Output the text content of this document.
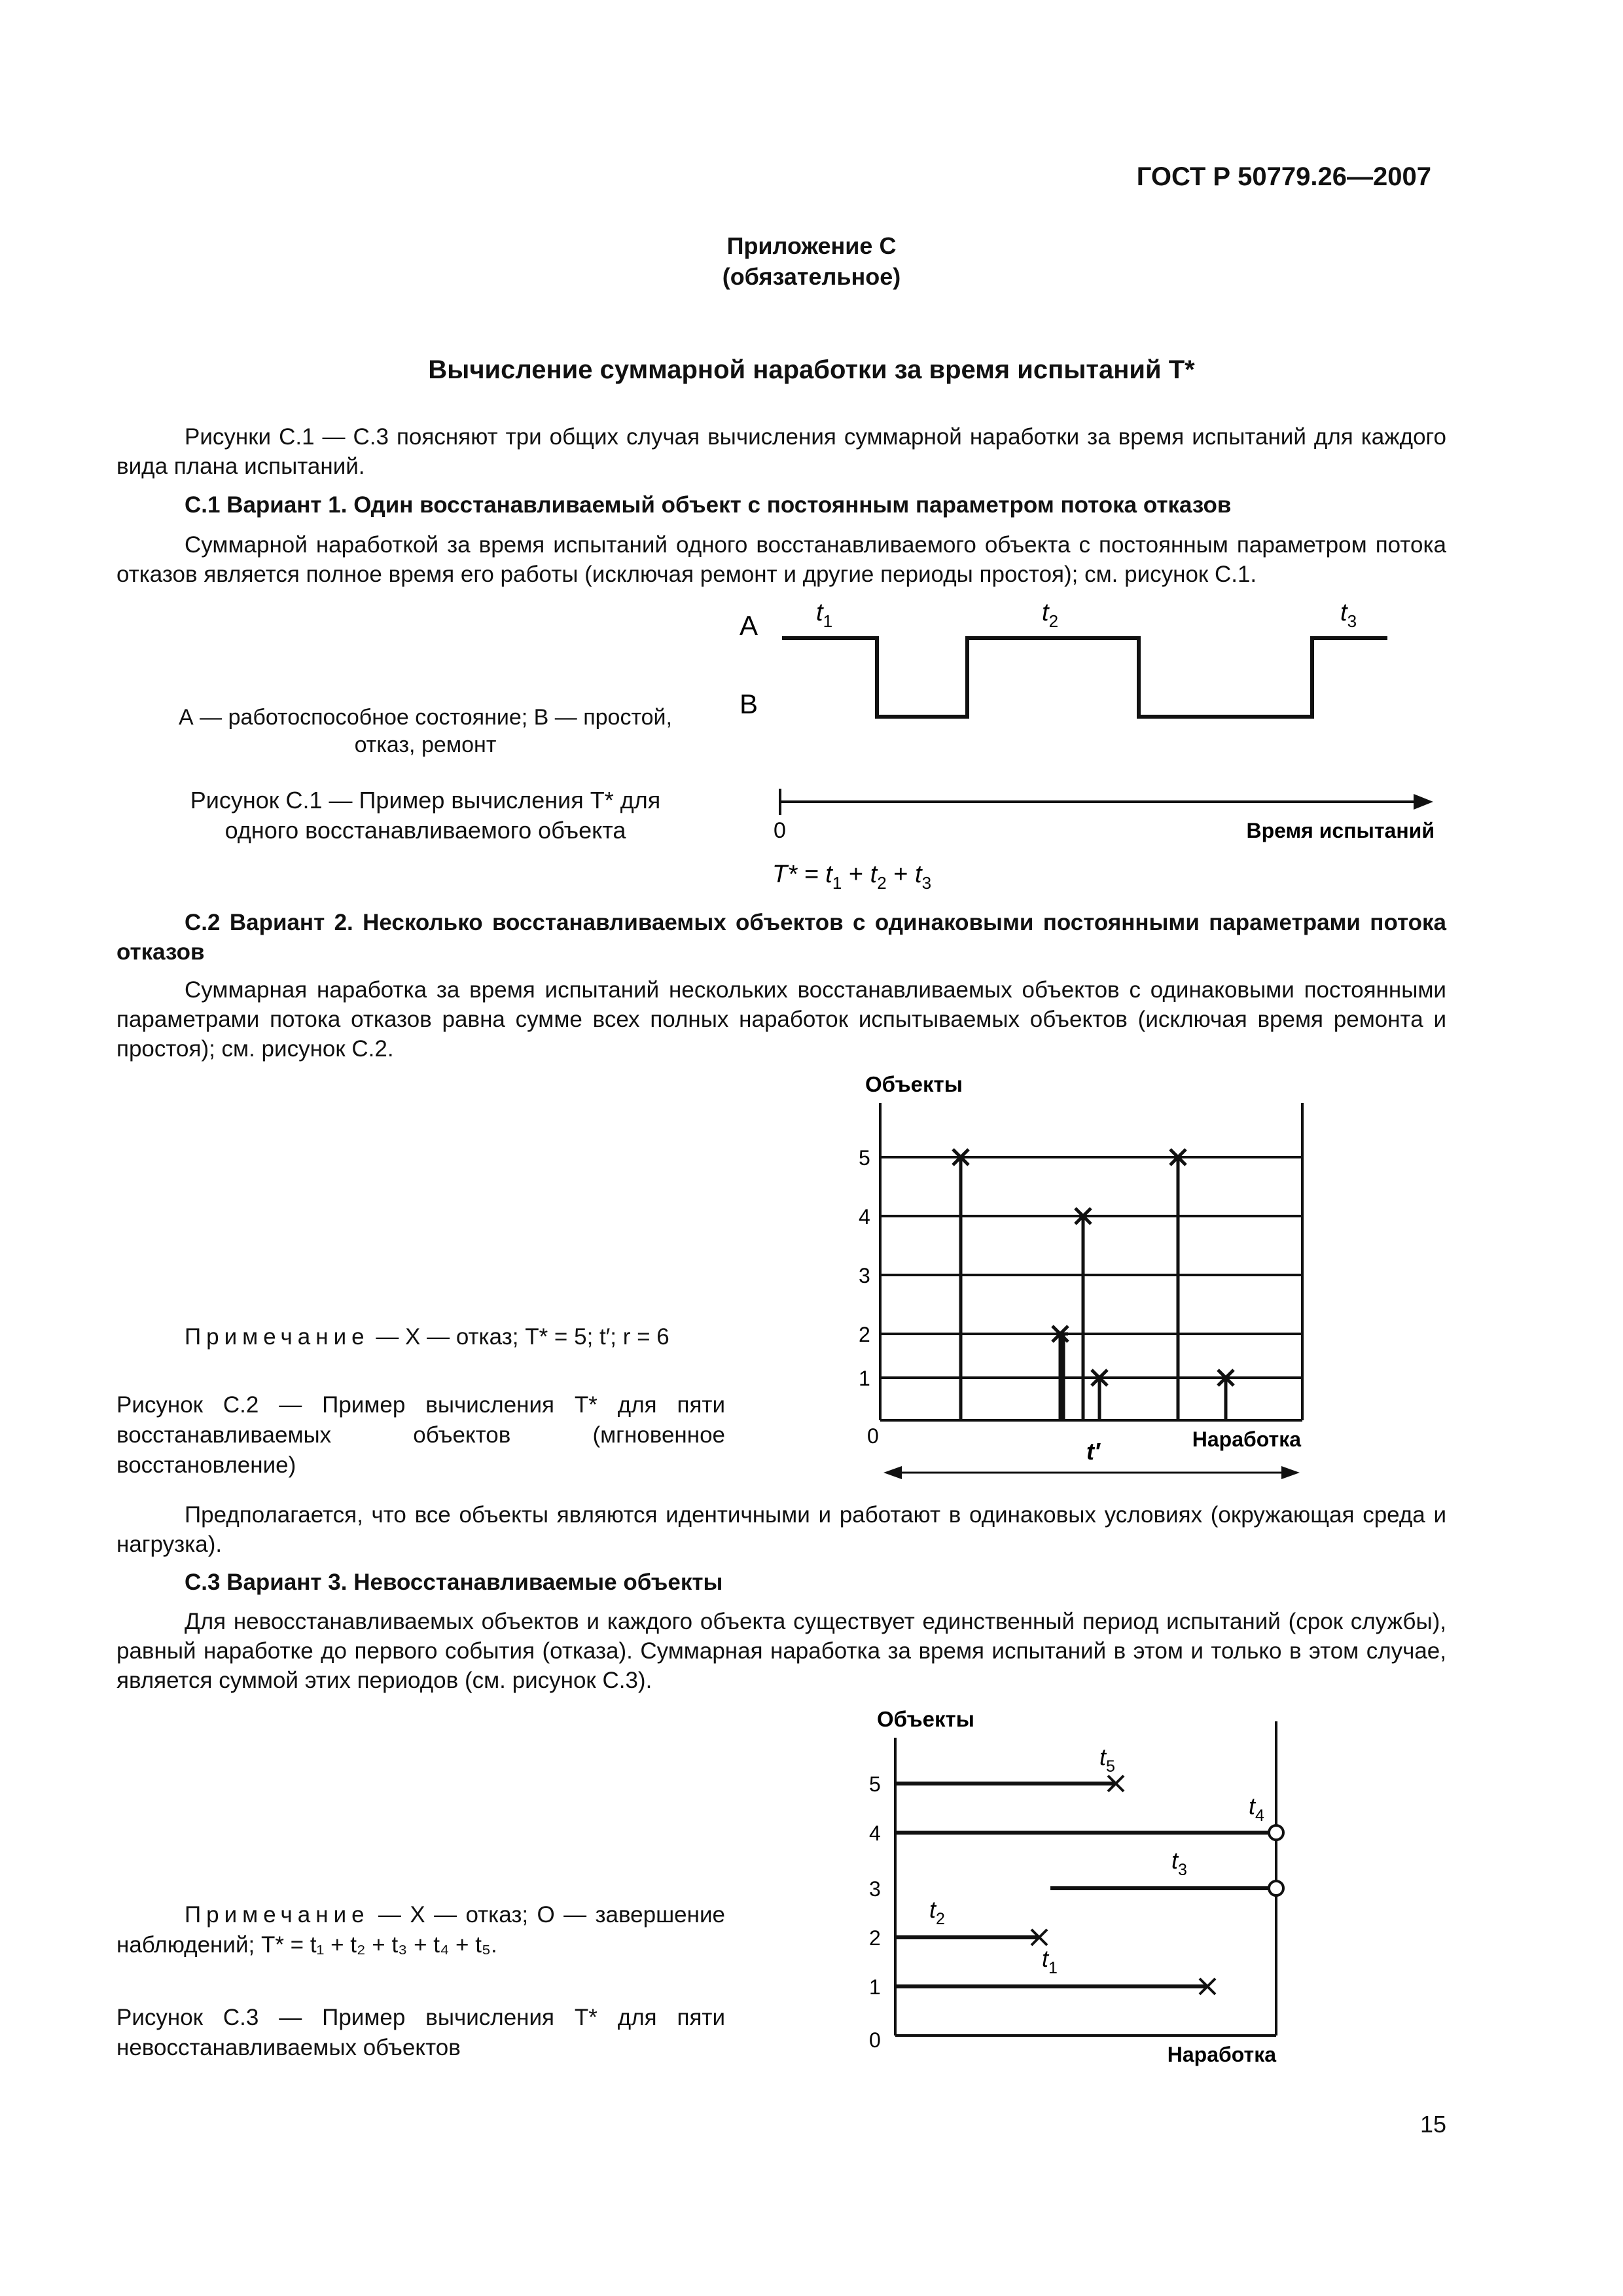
ГОСТ Р 50779.26—2007
Приложение С
(обязательное)
Вычисление суммарной наработки за время испытаний T*
Рисунки С.1 — С.3 поясняют три общих случая вычисления суммарной наработки за время испытаний для каждого вида плана испытаний.
С.1 Вариант 1. Один восстанавливаемый объект с постоянным параметром потока отказов
Суммарной наработкой за время испытаний одного восстанавливаемого объекта с постоянным параметром потока отказов является полное время его работы (исключая ремонт и другие периоды простоя); см. рисунок С.1.
А — работоспособное состояние; В — простой, отказ, ремонт
Рисунок С.1 — Пример вычисления T* для одного восстанавливаемого объекта
А
В
$t_1$	$t_2$	$t_3$
0	Время испытаний
$T* = t_1 + t_2 + t_3$
С.2 Вариант 2. Несколько восстанавливаемых объектов с одинаковыми постоянными параметрами потока отказов
Суммарная наработка за время испытаний нескольких восстанавливаемых объектов с одинаковыми постоянными параметрами потока отказов равна сумме всех полных наработок испытываемых объектов (исключая время ремонта и простоя); см. рисунок С.2.
Примечание — Х — отказ; T* = 5; t′; r = 6
Рисунок С.2 — Пример вычисления T* для пяти восстанавливаемых объектов (мгновенное восстановление)
Объекты
5
4
3
2
1
0	Наработка
t′
Предполагается, что все объекты являются идентичными и работают в одинаковых условиях (окружающая среда и нагрузка).
С.3 Вариант 3. Невосстанавливаемые объекты
Для невосстанавливаемых объектов и каждого объекта существует единственный период испытаний (срок службы), равный наработке до первого события (отказа). Суммарная наработка за время испытаний в этом и только в этом случае, является суммой этих периодов (см. рисунок С.3).
Примечание — Х — отказ; О — завершение наблюдений; T* = t₁ + t₂ + t₃ + t₄ + t₅.
Рисунок С.3 — Пример вычисления T* для пяти невосстанавливаемых объектов
Объекты
5
4
3
2
1
0
$t_5$
$t_4$
$t_3$
$t_2$
$t_1$
Наработка
15
